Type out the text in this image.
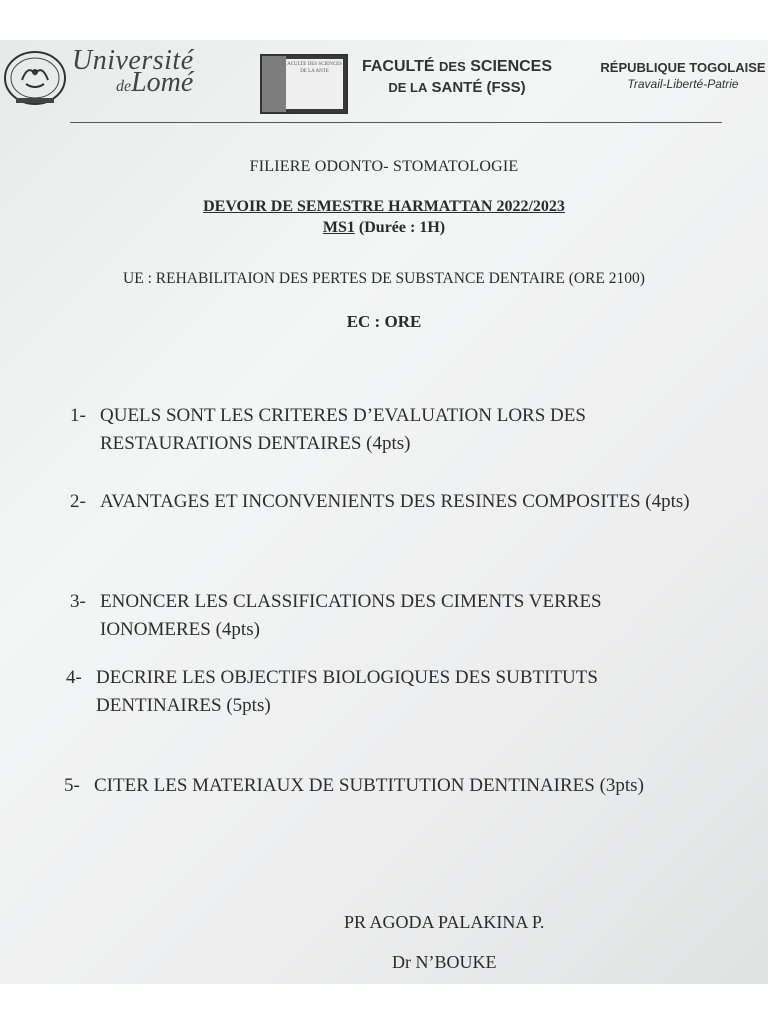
Université
deLomé
ACULTE DES SCIENCES DE LA ANTE	FACULTÉ DES SCIENCES
DE LA SANTÉ (FSS)
RÉPUBLIQUE TOGOLAISE
Travail-Liberté-Patrie
FILIERE ODONTO- STOMATOLOGIE
DEVOIR DE SEMESTRE HARMATTAN 2022/2023
MS1 (Durée : 1H)
UE : REHABILITAION DES PERTES DE SUBSTANCE DENTAIRE (ORE 2100)
EC : ORE
1- QUELS SONT LES CRITERES D’EVALUATION LORS DES RESTAURATIONS DENTAIRES (4pts)
2- AVANTAGES ET INCONVENIENTS DES RESINES COMPOSITES (4pts)
3- ENONCER LES CLASSIFICATIONS DES CIMENTS VERRES IONOMERES (4pts)
4- DECRIRE LES OBJECTIFS BIOLOGIQUES DES SUBTITUTS DENTINAIRES (5pts)
5- CITER LES MATERIAUX DE SUBTITUTION DENTINAIRES (3pts)
PR AGODA PALAKINA P.
Dr N’BOUKE
